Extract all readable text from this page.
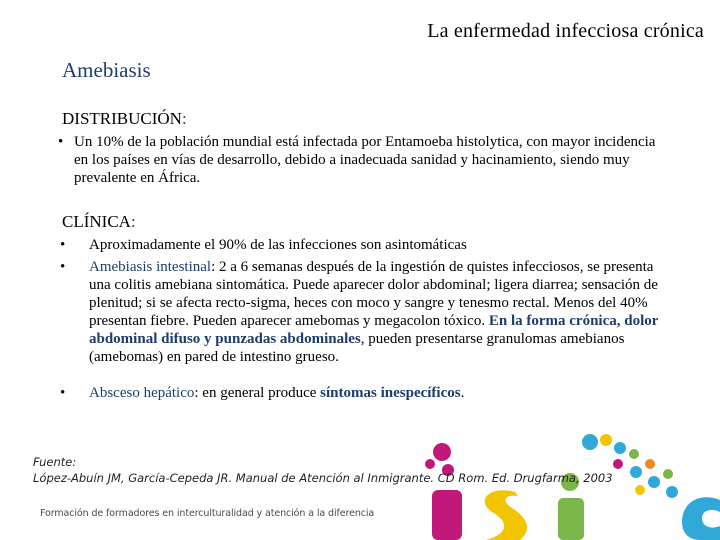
La enfermedad infecciosa crónica
Amebiasis
DISTRIBUCIÓN:
• Un 10% de la población mundial está infectada por Entamoeba histolytica, con mayor incidencia en los países en vías de desarrollo, debido a inadecuada sanidad y hacinamiento, siendo muy prevalente en África.
CLÍNICA:
• Aproximadamente el 90% de las infecciones son asintomáticas
• Amebiasis intestinal: 2 a 6 semanas después de la ingestión de quistes infecciosos, se presenta una colitis amebiana sintomática. Puede aparecer dolor abdominal; ligera diarrea; sensación de plenitud; si se afecta recto‑sigma, heces con moco y sangre y tenesmo rectal. Menos del 40% presentan fiebre. Pueden aparecer amebomas y megacolon tóxico. En la forma crónica, dolor abdominal difuso y punzadas abdominales, pueden presentarse granulomas amebianos (amebomas) en pared de intestino grueso.
• Absceso hepático: en general produce síntomas inespecíficos.
Fuente:
López-Abuín JM, García-Cepeda JR. Manual de Atención al Inmigrante. CD Rom. Ed. Drugfarma, 2003
Formación de formadores en interculturalidad y atención a la diferencia
